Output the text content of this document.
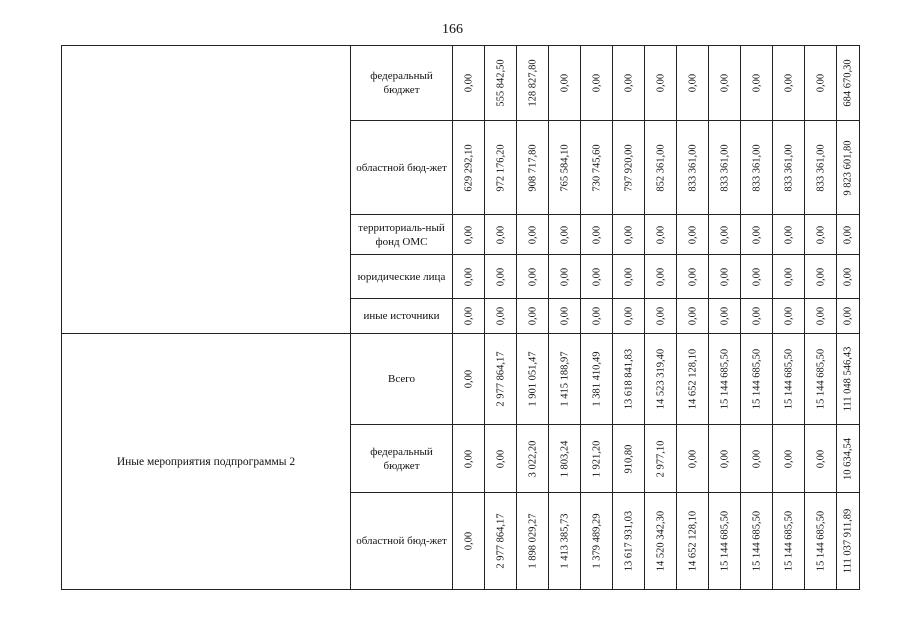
166
	федеральный бюджет	0,00	555 842,50	128 827,80	0,00	0,00	0,00	0,00	0,00	0,00	0,00	0,00	0,00	684 670,30

	областной бюд-жет	629 292,10	972 176,20	908 717,80	765 584,10	730 745,60	797 920,00	852 361,00	833 361,00	833 361,00	833 361,00	833 361,00	833 361,00	9 823 601,80

	территориаль-ный фонд ОМС	0,00	0,00	0,00	0,00	0,00	0,00	0,00	0,00	0,00	0,00	0,00	0,00	0,00

	юридические лица	0,00	0,00	0,00	0,00	0,00	0,00	0,00	0,00	0,00	0,00	0,00	0,00	0,00

	иные источники	0,00	0,00	0,00	0,00	0,00	0,00	0,00	0,00	0,00	0,00	0,00	0,00	0,00

Иные мероприятия подпрограммы 2	Всего	0,00	2 977 864,17	1 901 051,47	1 415 188,97	1 381 410,49	13 618 841,83	14 523 319,40	14 652 128,10	15 144 685,50	15 144 685,50	15 144 685,50	15 144 685,50	111 048 546,43

	федеральный бюджет	0,00	0,00	3 022,20	1 803,24	1 921,20	910,80	2 977,10	0,00	0,00	0,00	0,00	0,00	10 634,54

	областной бюд-жет	0,00	2 977 864,17	1 898 029,27	1 413 385,73	1 379 489,29	13 617 931,03	14 520 342,30	14 652 128,10	15 144 685,50	15 144 685,50	15 144 685,50	15 144 685,50	111 037 911,89
